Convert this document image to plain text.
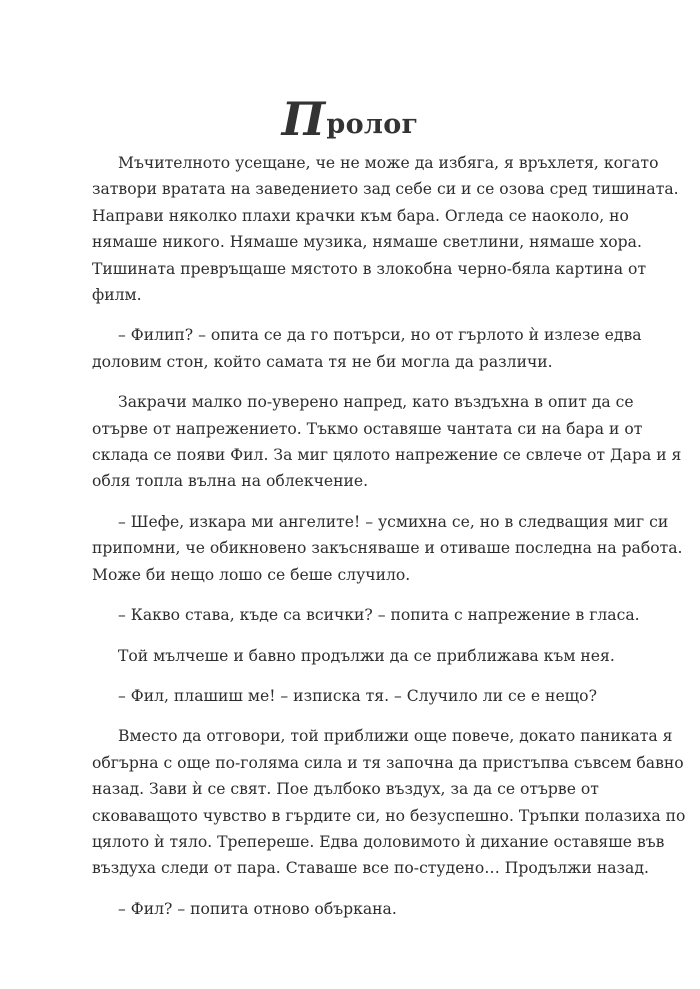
Пролог

Мъчителното усещане, че не може да избяга, я връхлетя, когато
затвори вратата на заведението зад себе си и се озова сред тишината.
Направи няколко плахи крачки към бара. Огледа се наоколо, но
нямаше никого. Нямаше музика, нямаше светлини, нямаше хора.
Тишината превръщаше мястото в злокобна черно-бяла картина от
филм.

– Филип? – опита се да го потърси, но от гърлото ѝ излезе едва
доловим стон, който самата тя не би могла да различи.

Закрачи малко по-уверено напред, като въздъхна в опит да се
отърве от напрежението. Тъкмо оставяше чантата си на бара и от
склада се появи Фил. За миг цялото напрежение се свлече от Дара и я
обля топла вълна на облекчение.

– Шефе, изкара ми ангелите! – усмихна се, но в следващия миг си
припомни, че обикновено закъсняваше и отиваше последна на работа.
Може би нещо лошо се беше случило.

– Какво става, къде са всички? – попита с напрежение в гласа.

Той мълчеше и бавно продължи да се приближава към нея.

– Фил, плашиш ме! – изписка тя. – Случило ли се е нещо?

Вместо да отговори, той приближи още повече, докато паниката я
обгърна с още по-голяма сила и тя започна да пристъпва съвсем бавно
назад. Зави ѝ се свят. Пое дълбоко въздух, за да се отърве от
сковаващото чувство в гърдите си, но безуспешно. Тръпки полазиха по
цялото ѝ тяло. Трепереше. Едва доловимото ѝ дихание оставяше във
въздуха следи от пара. Ставаше все по-студено… Продължи назад.

– Фил? – попита отново объркана.
